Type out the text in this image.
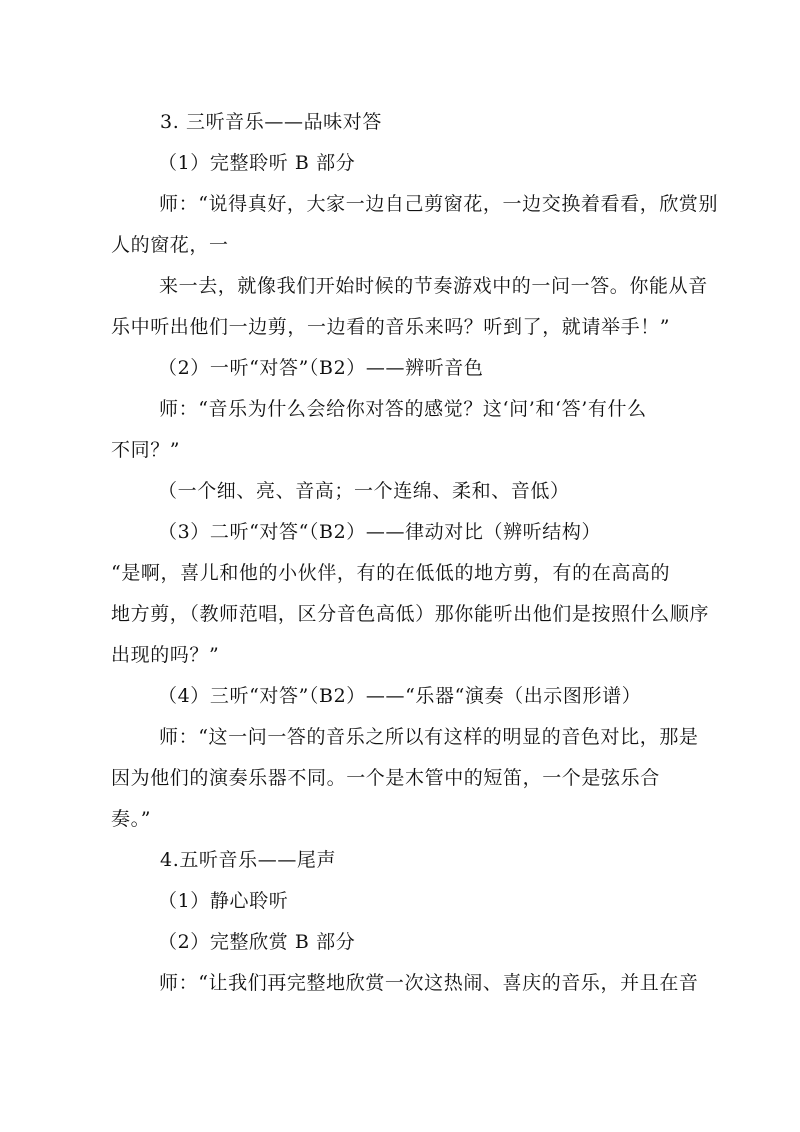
3. 三听音乐——品味对答

（1）完整聆听 B 部分

师：“说得真好，大家一边自己剪窗花，一边交换着看看，欣赏别

人的窗花，一

来一去，就像我们开始时候的节奏游戏中的一问一答。你能从音

乐中听出他们一边剪，一边看的音乐来吗？听到了，就请举手！”

（2）一听“对答”（B2）——辨听音色

师：“音乐为什么会给你对答的感觉？这‘问’和‘答’有什么

不同？”

（一个细、亮、音高；一个连绵、柔和、音低）

（3）二听“对答“（B2）——律动对比（辨听结构）

“是啊，喜儿和他的小伙伴，有的在低低的地方剪，有的在高高的

地方剪，（教师范唱，区分音色高低）那你能听出他们是按照什么顺序

出现的吗？”

（4）三听“对答”（B2）——“乐器“演奏（出示图形谱）

师：“这一问一答的音乐之所以有这样的明显的音色对比，那是

因为他们的演奏乐器不同。一个是木管中的短笛，一个是弦乐合

奏。”

4.五听音乐——尾声

（1）静心聆听

（2）完整欣赏 B 部分

师：“让我们再完整地欣赏一次这热闹、喜庆的音乐，并且在音
